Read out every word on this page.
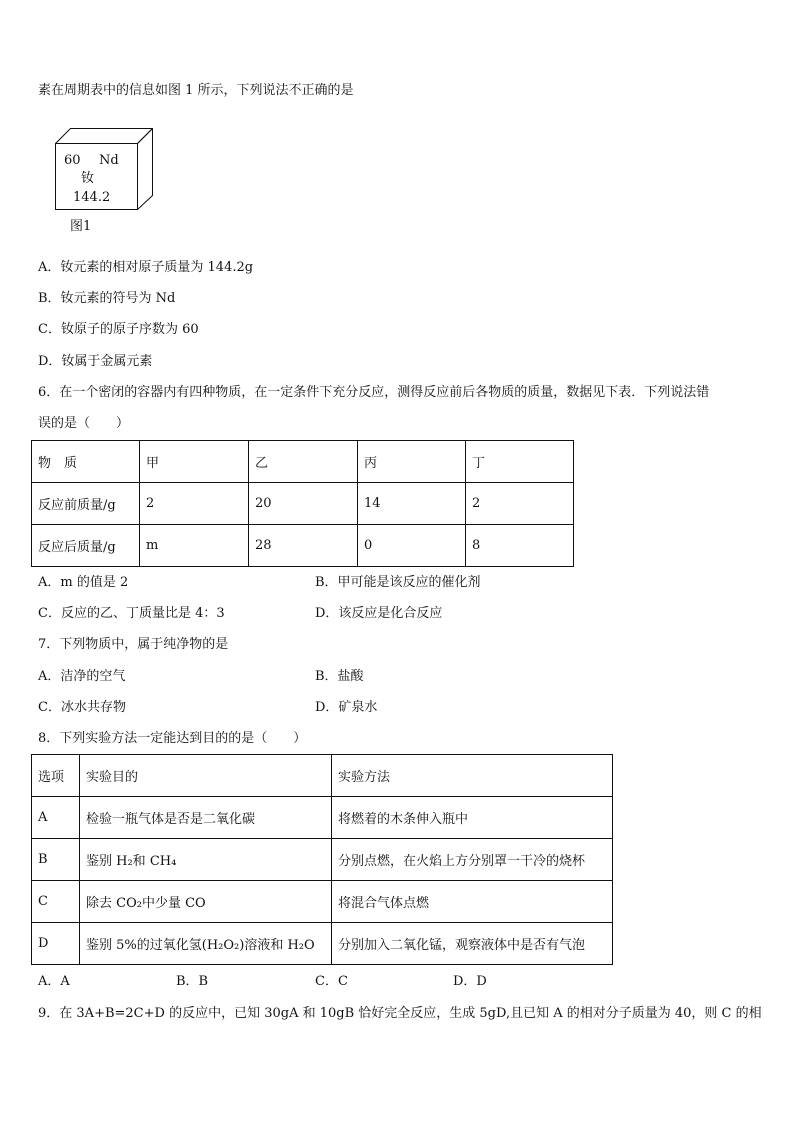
素在周期表中的信息如图 1 所示，下列说法不正确的是
60 Nd
钕
144.2
图1
A．钕元素的相对原子质量为 144.2g
B．钕元素的符号为 Nd
C．钕原子的原子序数为 60
D．钕属于金属元素
6．在一个密闭的容器内有四种物质，在一定条件下充分反应，测得反应前后各物质的质量，数据见下表．下列说法错
误的是（　　）
物　质	甲	乙	丙	丁
反应前质量/g	2	20	14	2
反应后质量/g	m	28	0	8
A．m 的值是 2	B．甲可能是该反应的催化剂
C．反应的乙、丁质量比是 4：3	D．该反应是化合反应
7．下列物质中，属于纯净物的是
A．洁净的空气	B．盐酸
C．冰水共存物	D．矿泉水
8．下列实验方法一定能达到目的的是（　　）
选项	实验目的	实验方法
A	检验一瓶气体是否是二氧化碳	将燃着的木条伸入瓶中
B	鉴别 H₂和 CH₄	分别点燃，在火焰上方分别罩一干冷的烧杯
C	除去 CO₂中少量 CO	将混合气体点燃
D	鉴别 5%的过氧化氢(H₂O₂)溶液和 H₂O	分别加入二氧化锰，观察液体中是否有气泡
A．A	B．B	C．C	D．D
9．在 3A+B=2C+D 的反应中，已知 30gA 和 10gB 恰好完全反应，生成 5gD,且已知 A 的相对分子质量为 40，则 C 的相
